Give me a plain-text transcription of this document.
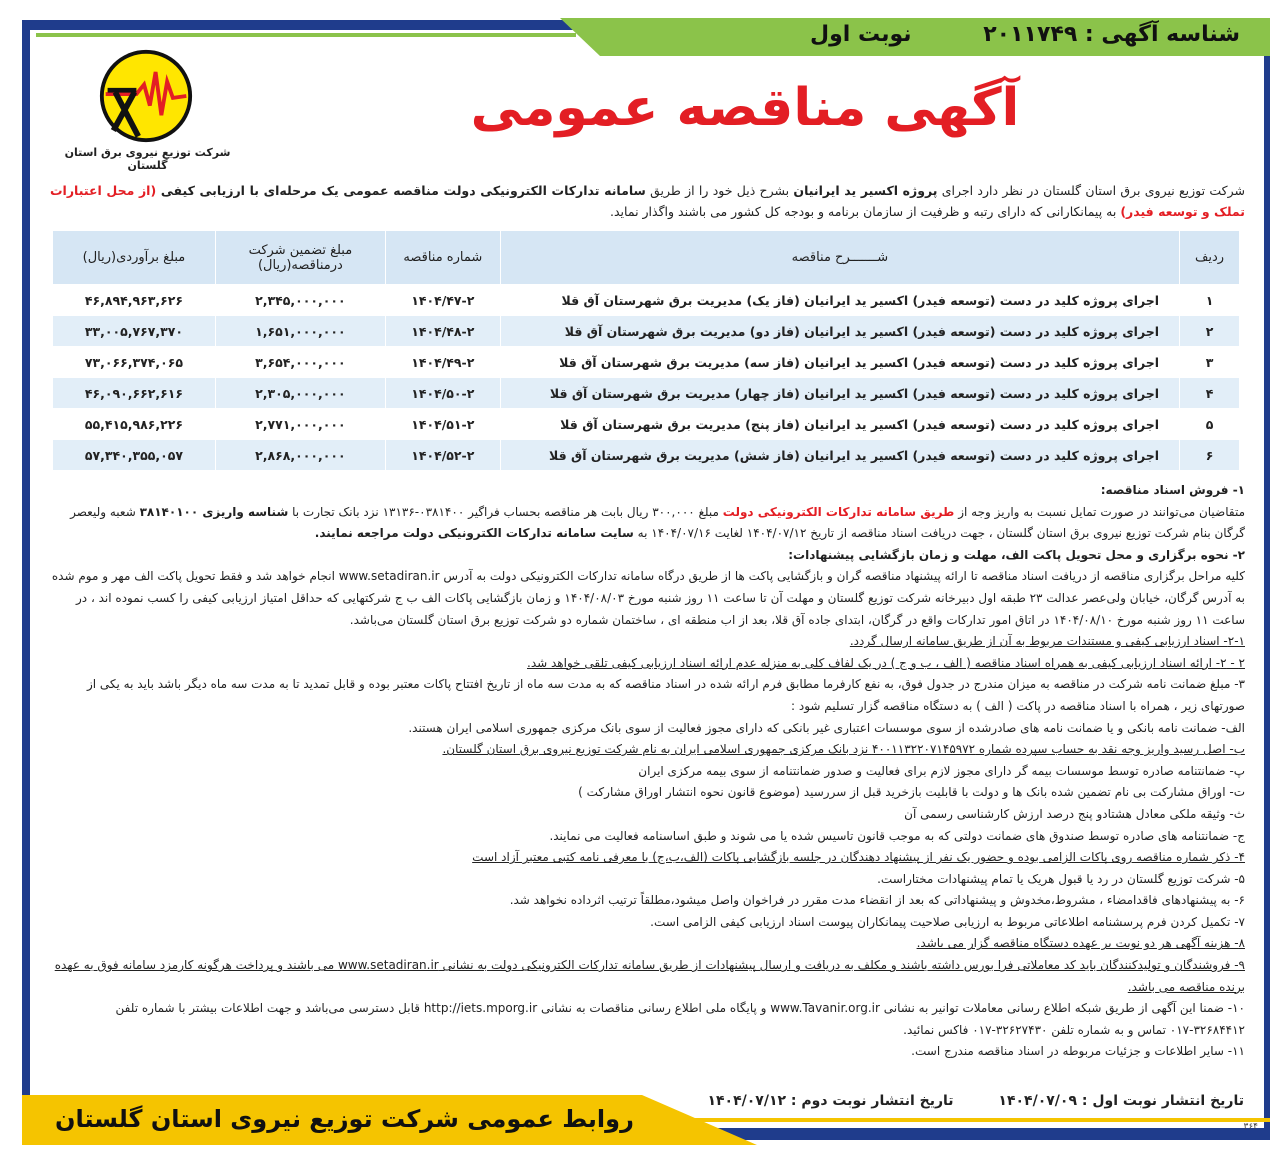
شناسه آگهی : ۲۰۱۱۷۴۹
نوبت اول
آگهی مناقصه عمومی
شرکت توزیع نیروی برق استان گلستان
شرکت توزیع نیروی برق استان گلستان در نظر دارد اجرای پروژه اکسیر ید ایرانیان بشرح ذیل خود را از طریق سامانه تدارکات الکترونیکی دولت مناقصه عمومی یک مرحله‌ای با ارزیابی کیفی (از محل اعتبارات تملک و توسعه فیدر) به پیمانکارانی که دارای رتبه و ظرفیت از سازمان برنامه و بودجه کل کشور می باشند واگذار نماید.
ردیف	شـــــــرح مناقصه	شماره مناقصه	مبلغ تضمین شرکت درمناقصه(ریال)	مبلغ برآوردی(ریال)
۱	اجرای پروژه کلید در دست (توسعه فیدر) اکسیر ید ایرانیان (فاز یک) مدیریت برق شهرستان آق قلا	۱۴۰۴/۴۷-۲	۲,۳۴۵,۰۰۰,۰۰۰	۴۶,۸۹۴,۹۶۳,۶۲۶
۲	اجرای پروژه کلید در دست (توسعه فیدر) اکسیر ید ایرانیان (فاز دو) مدیریت برق شهرستان آق قلا	۱۴۰۴/۴۸-۲	۱,۶۵۱,۰۰۰,۰۰۰	۳۳,۰۰۵,۷۶۷,۳۷۰
۳	اجرای پروژه کلید در دست (توسعه فیدر) اکسیر ید ایرانیان (فاز سه) مدیریت برق شهرستان آق قلا	۱۴۰۴/۴۹-۲	۳,۶۵۴,۰۰۰,۰۰۰	۷۳,۰۶۶,۳۷۴,۰۶۵
۴	اجرای پروژه کلید در دست (توسعه فیدر) اکسیر ید ایرانیان (فاز چهار) مدیریت برق شهرستان آق قلا	۱۴۰۴/۵۰-۲	۲,۳۰۵,۰۰۰,۰۰۰	۴۶,۰۹۰,۶۶۲,۶۱۶
۵	اجرای پروژه کلید در دست (توسعه فیدر) اکسیر ید ایرانیان (فاز پنج) مدیریت برق شهرستان آق قلا	۱۴۰۴/۵۱-۲	۲,۷۷۱,۰۰۰,۰۰۰	۵۵,۴۱۵,۹۸۶,۲۲۶
۶	اجرای پروژه کلید در دست (توسعه فیدر) اکسیر ید ایرانیان (فاز شش) مدیریت برق شهرستان آق قلا	۱۴۰۴/۵۲-۲	۲,۸۶۸,۰۰۰,۰۰۰	۵۷,۳۴۰,۳۵۵,۰۵۷

۱- فروش اسناد مناقصه:

متقاضیان می‌توانند در صورت تمایل نسبت به واریز وجه از طریق سامانه تدارکات الکترونیکی دولت مبلغ ۳۰۰,۰۰۰ ریال بابت هر مناقصه بحساب فراگیر ۰۳۸۱۴۰۰-۱۳۱۳۶ نزد بانک تجارت با شناسه واریزی ۳۸۱۴۰۱۰۰ شعبه ولیعصر گرگان بنام شرکت توزیع نیروی برق استان گلستان ، جهت دریافت اسناد مناقصه از تاریخ ۱۴۰۴/۰۷/۱۲ لغایت ۱۴۰۴/۰۷/۱۶ به سایت سامانه تدارکات الکترونیکی دولت مراجعه نمایند.

۲- نحوه برگزاری و محل تحویل پاکت الف، مهلت و زمان بازگشایی پیشنهادات:

کلیه مراحل برگزاری مناقصه از دریافت اسناد مناقصه تا ارائه پیشنهاد مناقصه گران و بازگشایی پاکت ها از طریق درگاه سامانه تدارکات الکترونیکی دولت به آدرس www.setadiran.ir انجام خواهد شد و فقط تحویل پاکت الف مهر و موم شده به آدرس گرگان، خیابان ولی‌عصر عدالت ۲۳ طبقه اول دبیرخانه شرکت توزیع گلستان و مهلت آن تا ساعت ۱۱ روز شنبه مورخ ۱۴۰۴/۰۸/۰۳ و زمان بازگشایی پاکات الف ب ج شرکتهایی که حداقل امتیاز ارزیابی کیفی را کسب نموده اند ، در ساعت ۱۱ روز شنبه مورخ ۱۴۰۴/۰۸/۱۰ در اتاق امور تدارکات واقع در گرگان، ابتدای جاده آق قلا، بعد از اب منطقه ای ، ساختمان شماره دو شرکت توزیع برق استان گلستان می‌باشد.

۲-۱- اسناد ارزیابی کیفی و مستندات مربوط به آن از طریق سامانه ارسال گردد.

۲ - ۲- ارائه اسناد ارزیابی کیفی به همراه اسناد مناقصه ( الف ، ب و ج ) در یک لفاف کلی به منزله عدم ارائه اسناد ارزیابی کیفی تلقی خواهد شد.

۳- مبلغ ضمانت نامه شرکت در مناقصه به میزان مندرج در جدول فوق، به نفع کارفرما مطابق فرم ارائه شده در اسناد مناقصه که به مدت سه ماه از تاریخ افتتاح پاکات معتبر بوده و قابل تمدید تا به مدت سه ماه دیگر باشد باید به یکی از صورتهای زیر ، همراه با اسناد مناقصه در پاکت ( الف ) به دستگاه مناقصه گزار تسلیم شود :

الف- ضمانت نامه بانکی و یا ضمانت نامه های صادرشده از سوی موسسات اعتباری غیر بانکی که دارای مجوز فعالیت از سوی بانک مرکزی جمهوری اسلامی ایران هستند.

ب- اصل رسید واریز وجه نقد به حساب سپرده شماره ۴۰۰۱۱۳۲۲۰۷۱۴۵۹۷۲ نزد بانک مرکزی جمهوری اسلامی ایران به نام شرکت توزیع نیروی برق استان گلستان.

پ- ضمانتنامه صادره توسط موسسات بیمه گر دارای مجوز لازم برای فعالیت و صدور ضمانتنامه از سوی بیمه مرکزی ایران

ت- اوراق مشارکت بی نام تضمین شده بانک ها و دولت با قابلیت بازخرید قبل از سررسید (موضوع قانون نحوه انتشار اوراق مشارکت )

ث- وثیقه ملکی معادل هشتادو پنج درصد ارزش کارشناسی رسمی آن

ج- ضمانتنامه های صادره توسط صندوق های ضمانت دولتی که به موجب قانون تاسیس شده یا می شوند و طبق اساسنامه فعالیت می نمایند.

۴- ذکر شماره مناقصه روی پاکات الزامی بوده و حضور یک نفر از پیشنهاد دهندگان در جلسه بازگشایی پاکات (الف،ب،ج) با معرفی نامه کتبی معتبر آزاد است

۵- شرکت توزیع گلستان در رد یا قبول هریک یا تمام پیشنهادات مختاراست.

۶- به پیشنهادهای فاقدامضاء ، مشروط،مخدوش و پیشنهاداتی که بعد از انقضاء مدت مقرر در فراخوان واصل میشود،مطلقاً ترتیب اثرداده نخواهد شد.

۷- تکمیل کردن فرم پرسشنامه اطلاعاتی مربوط به ارزیابی صلاحیت پیمانکاران پیوست اسناد ارزیابی کیفی الزامی است.

۸- هزینه آگهی هر دو نوبت بر عهده دستگاه مناقصه گزار می باشد.

۹- فروشندگان و تولیدکنندگان باید کد معاملاتی فرا بورس داشته باشند و مکلف به دریافت و ارسال پیشنهادات از طریق سامانه تدارکات الکترونیکی دولت به نشانی www.setadiran.ir می باشند و پرداخت هرگونه کارمزد سامانه فوق به عهده برنده مناقصه می باشد.

۱۰- ضمنا این آگهی از طریق شبکه اطلاع رسانی معاملات توانیر به نشانی www.Tavanir.org.ir و پایگاه ملی اطلاع رسانی مناقصات به نشانی http://iets.mporg.ir قابل دسترسی می‌باشد و جهت اطلاعات بیشتر با شماره تلفن ۳۲۶۸۴۴۱۲-۰۱۷ تماس و به شماره تلفن ۳۲۶۲۷۴۳۰-۰۱۷ فاکس نمائید.

۱۱- سایر اطلاعات و جزئیات مربوطه در اسناد مناقصه مندرج است.

تاریخ انتشار نوبت اول : ۱۴۰۴/۰۷/۰۹ تاریخ انتشار نوبت دوم : ۱۴۰۴/۰۷/۱۲
روابط عمومی شرکت توزیع نیروی استان گلستان	۳۶۴
